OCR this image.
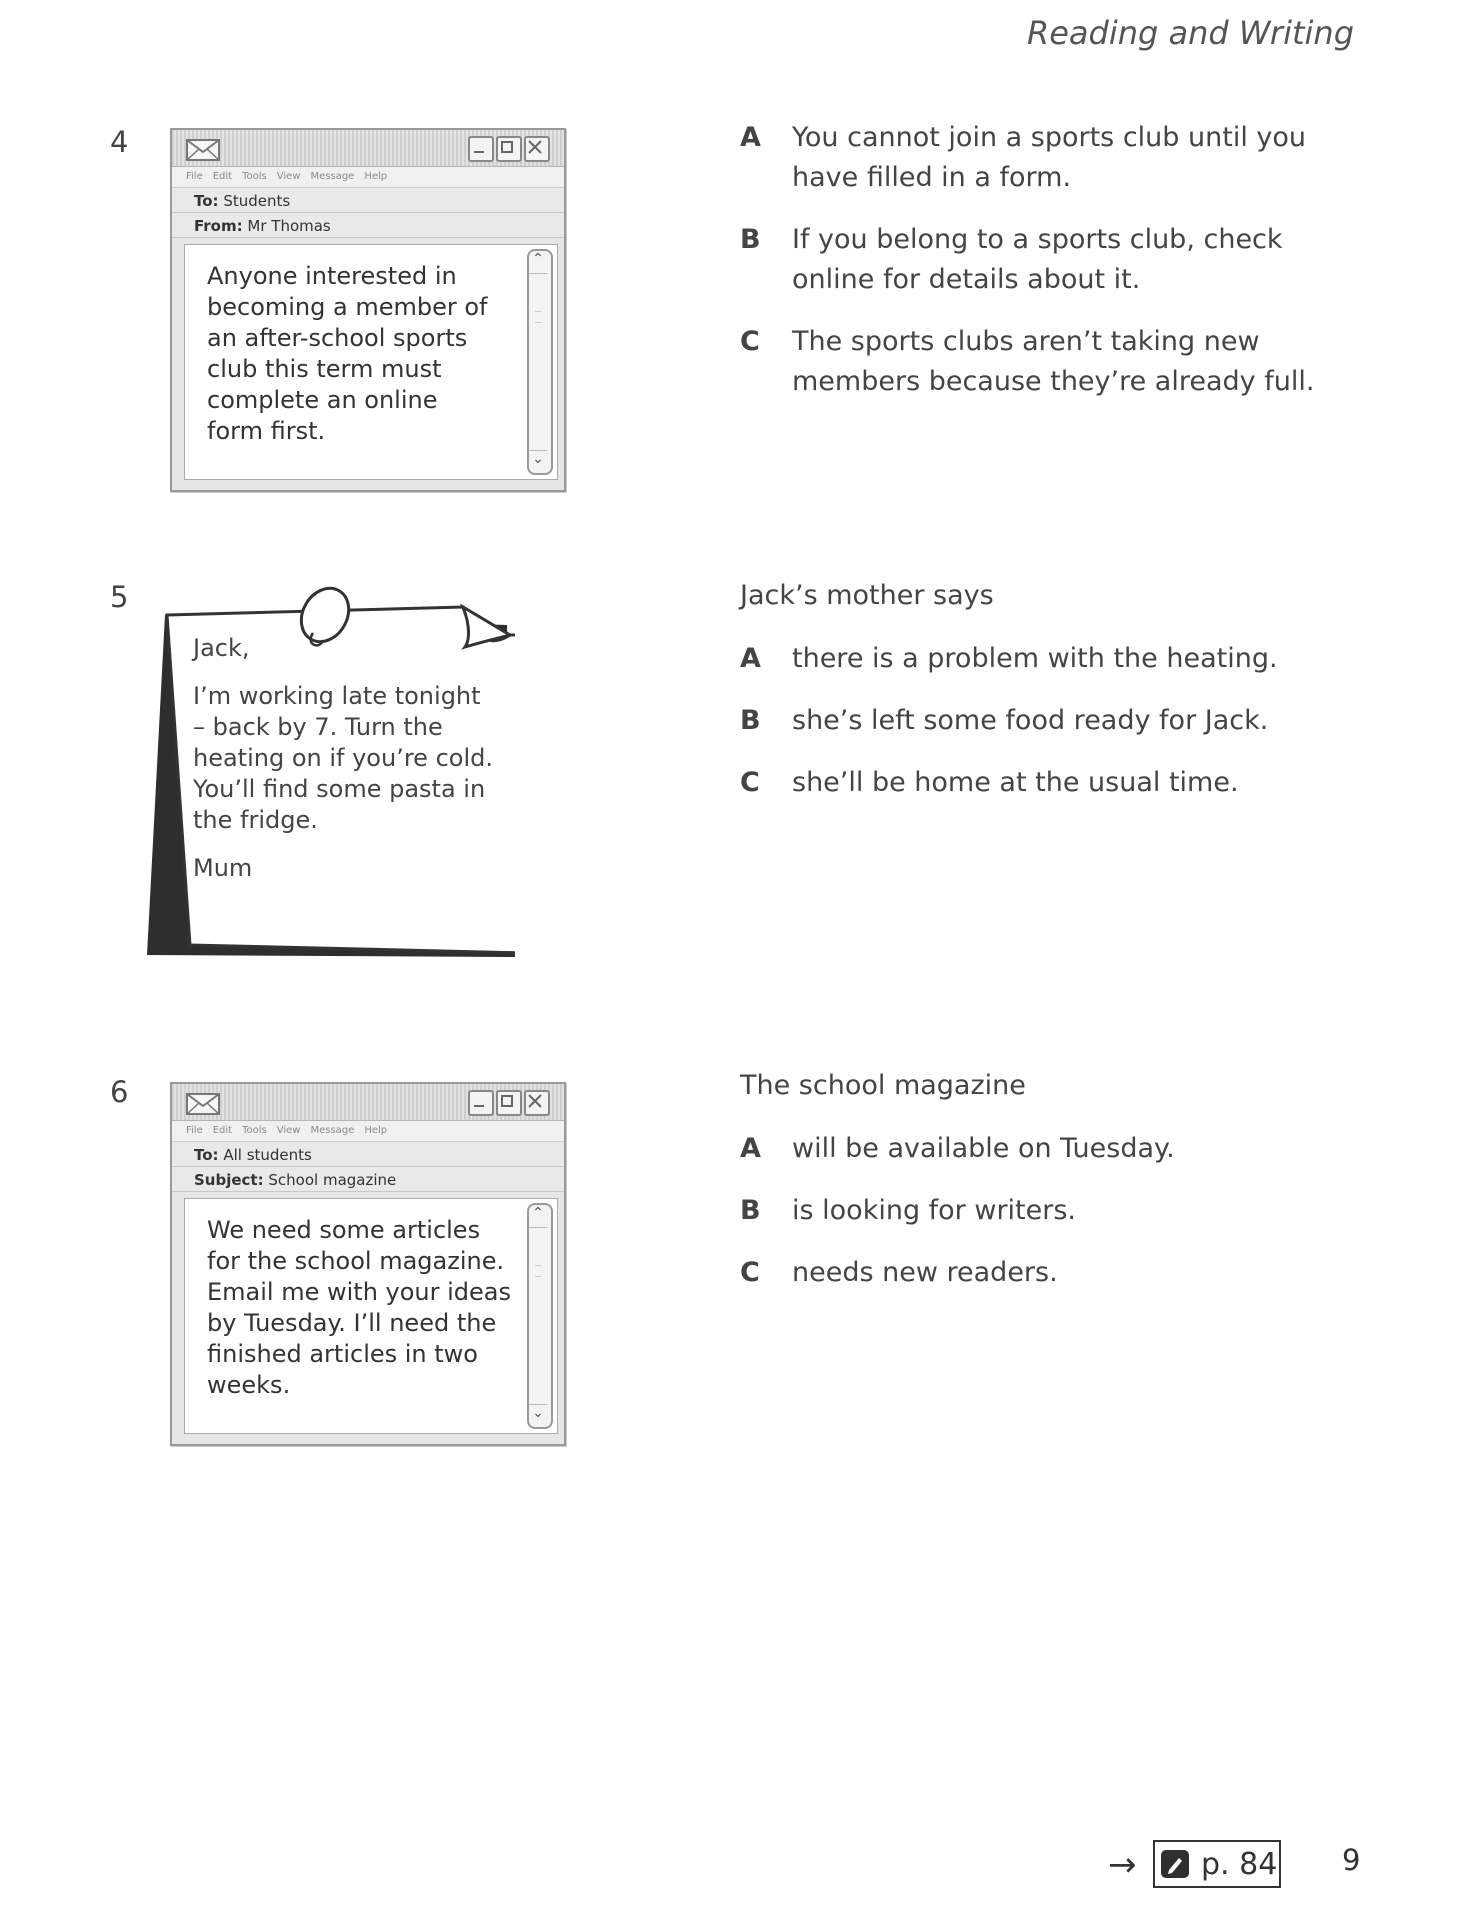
Reading and Writing
4
File Edit Tools View Message Help
To: Students
From: Mr Thomas
Anyone interested in
becoming a member of
an after-school sports
club this term must
complete an online
form first.
⌃
⌄
A	You cannot join a sports club until you have filled in a form.
B	If you belong to a sports club, check online for details about it.
C	The sports clubs aren’t taking new members because they’re already full.
5
Jack,
I’m working late tonight
– back by 7. Turn the
heating on if you’re cold.
You’ll find some pasta in
the fridge.
Mum
Jack’s mother says
A	there is a problem with the heating.
B	she’s left some food ready for Jack.
C	she’ll be home at the usual time.
6
File Edit Tools View Message Help
To: All students
Subject: School magazine
We need some articles
for the school magazine.
Email me with your ideas
by Tuesday. I’ll need the
finished articles in two
weeks.
⌃
⌄
The school magazine
A	will be available on Tuesday.
B	is looking for writers.
C	needs new readers.
→ p. 84 9
